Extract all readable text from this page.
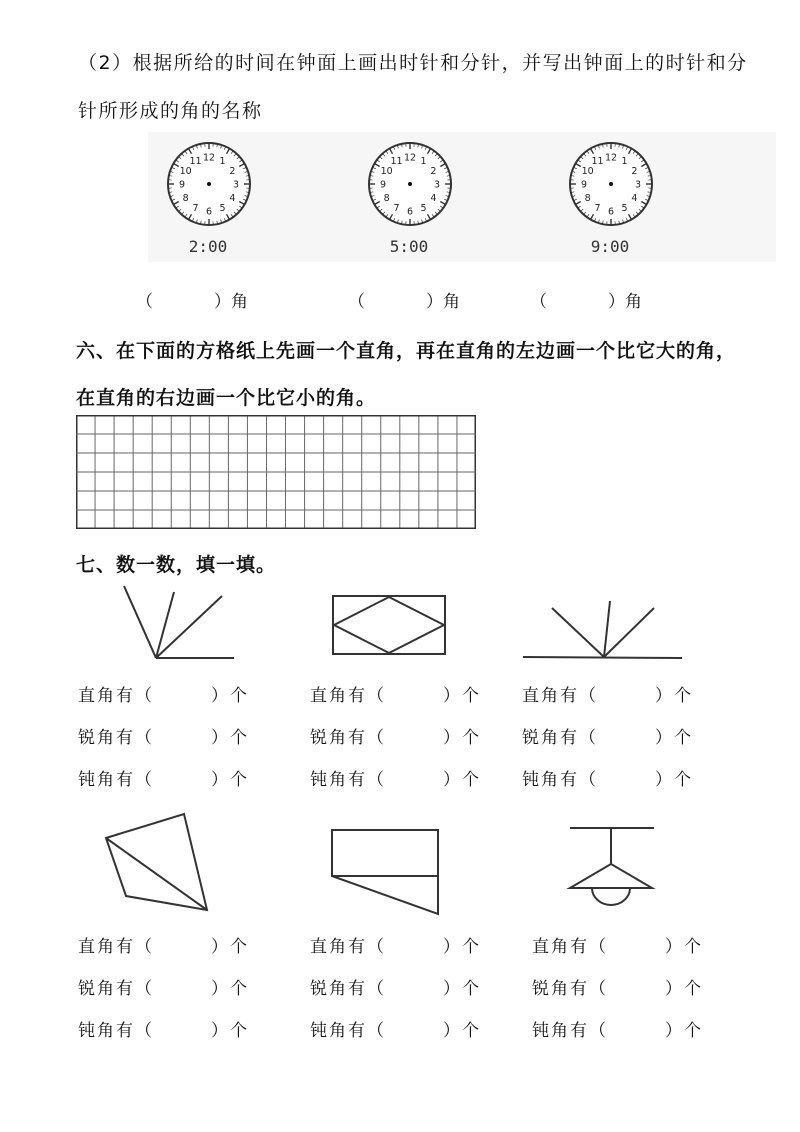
（2）根据所给的时间在钟面上画出时针和分针，并写出钟面上的时针和分
针所形成的角的名称
12 1
2
3
4
5
6
7
8
9
10
11
2:00
12 1
2
3
4
5
6
7
8
9
10
11
5:00
12 1
2
3
4
5
6
7
8
9
10
11
9:00
（	）角	（	）角	（	）角
六、在下面的方格纸上先画一个直角，再在直角的左边画一个比它大的角，
在直角的右边画一个比它小的角。
七、数一数，填一填。
直角有（　　　）个
锐角有（　　　）个
钝角有（　　　）个
直角有（　　　）个
锐角有（　　　）个
钝角有（　　　）个
直角有（　　　）个
锐角有（　　　）个
钝角有（　　　）个
直角有（　　　）个
锐角有（　　　）个
钝角有（　　　）个
直角有（　　　）个
锐角有（　　　）个
钝角有（　　　）个
直角有（　　　）个
锐角有（　　　）个
钝角有（　　　）个
